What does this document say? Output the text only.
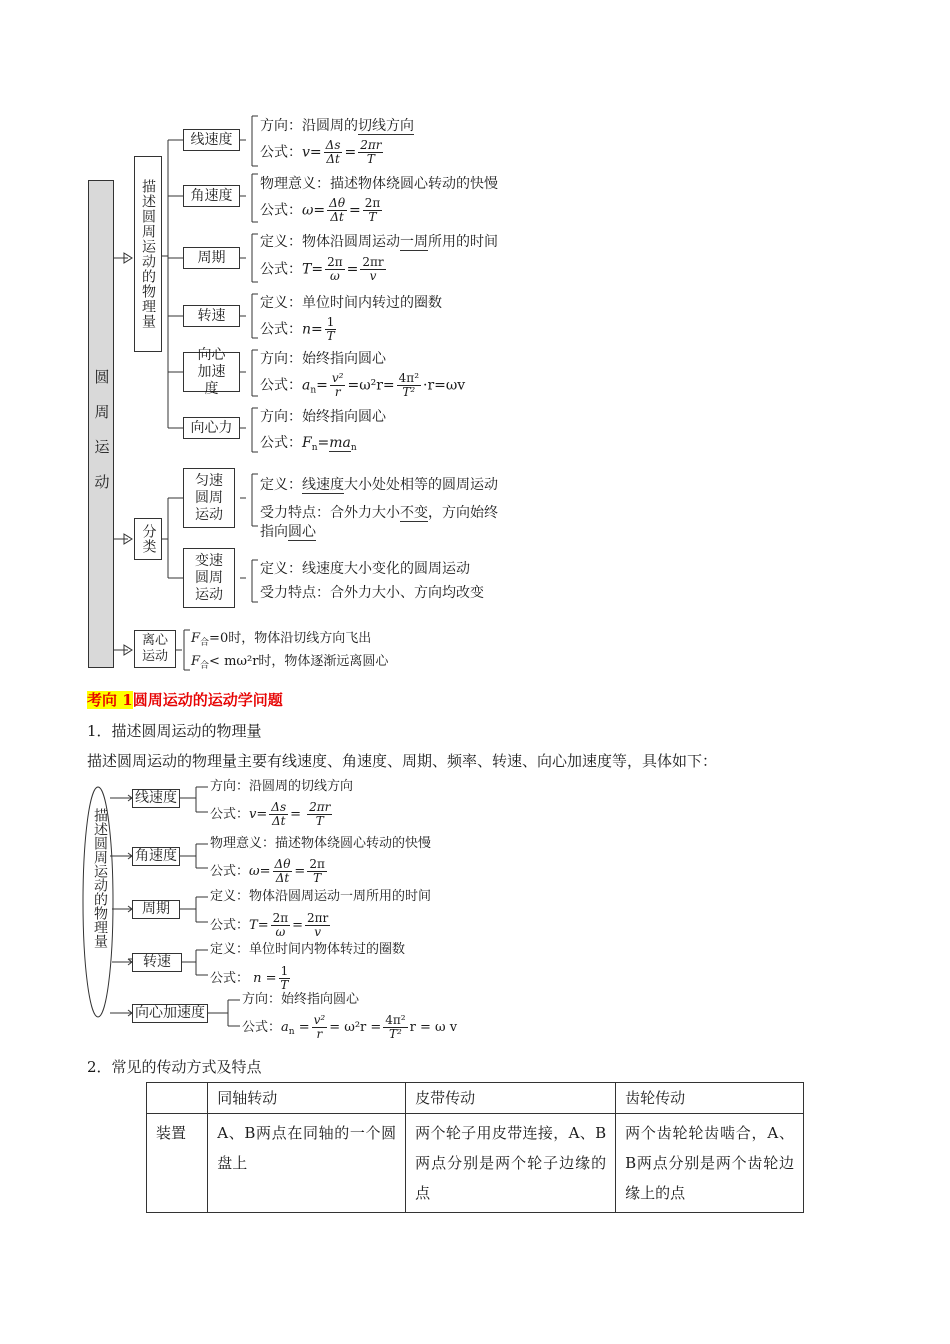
圆周运动
描述圆周运动的物理量
分类
离心运动
线速度
角速度
周期
转速
向心加速度
向心力
匀速圆周运动
变速圆周运动
方向：沿圆周的切线方向
公式：$v= \frac{\Delta s}{\Delta t} = \frac{2\pi r}{T}$
物理意义：描述物体绕圆心转动的快慢
公式：$\omega= \frac{\Delta\theta}{\Delta t} = \frac{2\pi}{T}$
定义：物体沿圆周运动一周所用的时间
公式：$T= \frac{2\pi}{\omega} = \frac{2\pi r}{v}$
定义：单位时间内转过的圈数
公式：$n= \frac{1}{T}$
方向：始终指向圆心
公式：$a_n= \frac{\text{v²}}{r} =\omega^2r= \frac{\text{4π²}}{\text{T²}} \cdot r=\omega v$
方向：始终指向圆心
公式：$F_n=ma_n$
定义：线速度大小处处相等的圆周运动
受力特点：合外力大小不变，方向始终
指向圆心
定义：线速度大小变化的圆周运动
受力特点：合外力大小、方向均改变
$F_合=0$时，物体沿切线方向飞出
$F_合< m\omega^2r$时，物体逐渐远离圆心
考向 1圆周运动的运动学问题
1．描述圆周运动的物理量
描述圆周运动的物理量主要有线速度、角速度、周期、频率、转速、向心加速度等，具体如下：
描述圆周运动的物理量
线速度
角速度
周期
转速
向心加速度
方向：沿圆周的切线方向
公式：$v= \frac{\Delta s}{\Delta t} = \frac{2\pi r}{T}$
物理意义：描述物体绕圆心转动的快慢
公式：$\omega= \frac{\Delta\theta}{\Delta t} = \frac{2\pi}{T}$
定义：物体沿圆周运动一周所用的时间
公式：$T= \frac{2\pi}{\omega} = \frac{2\pi r}{v}$
定义：单位时间内物体转过的圈数
公式： $n = \frac{1}{T}$
方向：始终指向圆心
公式：$a_n = \frac{\text{v²}}{r} = \omega^2r = \frac{\text{4π²}}{\text{T²}}$ r = ω v
2．常见的传动方式及特点
	同轴转动	皮带传动	齿轮传动
装置	A、B两点在同轴的一个圆盘上	两个轮子用皮带连接，A、B两点分别是两个轮子边缘的点	两个齿轮轮齿啮合，A、B两点分别是两个齿轮边缘上的点
